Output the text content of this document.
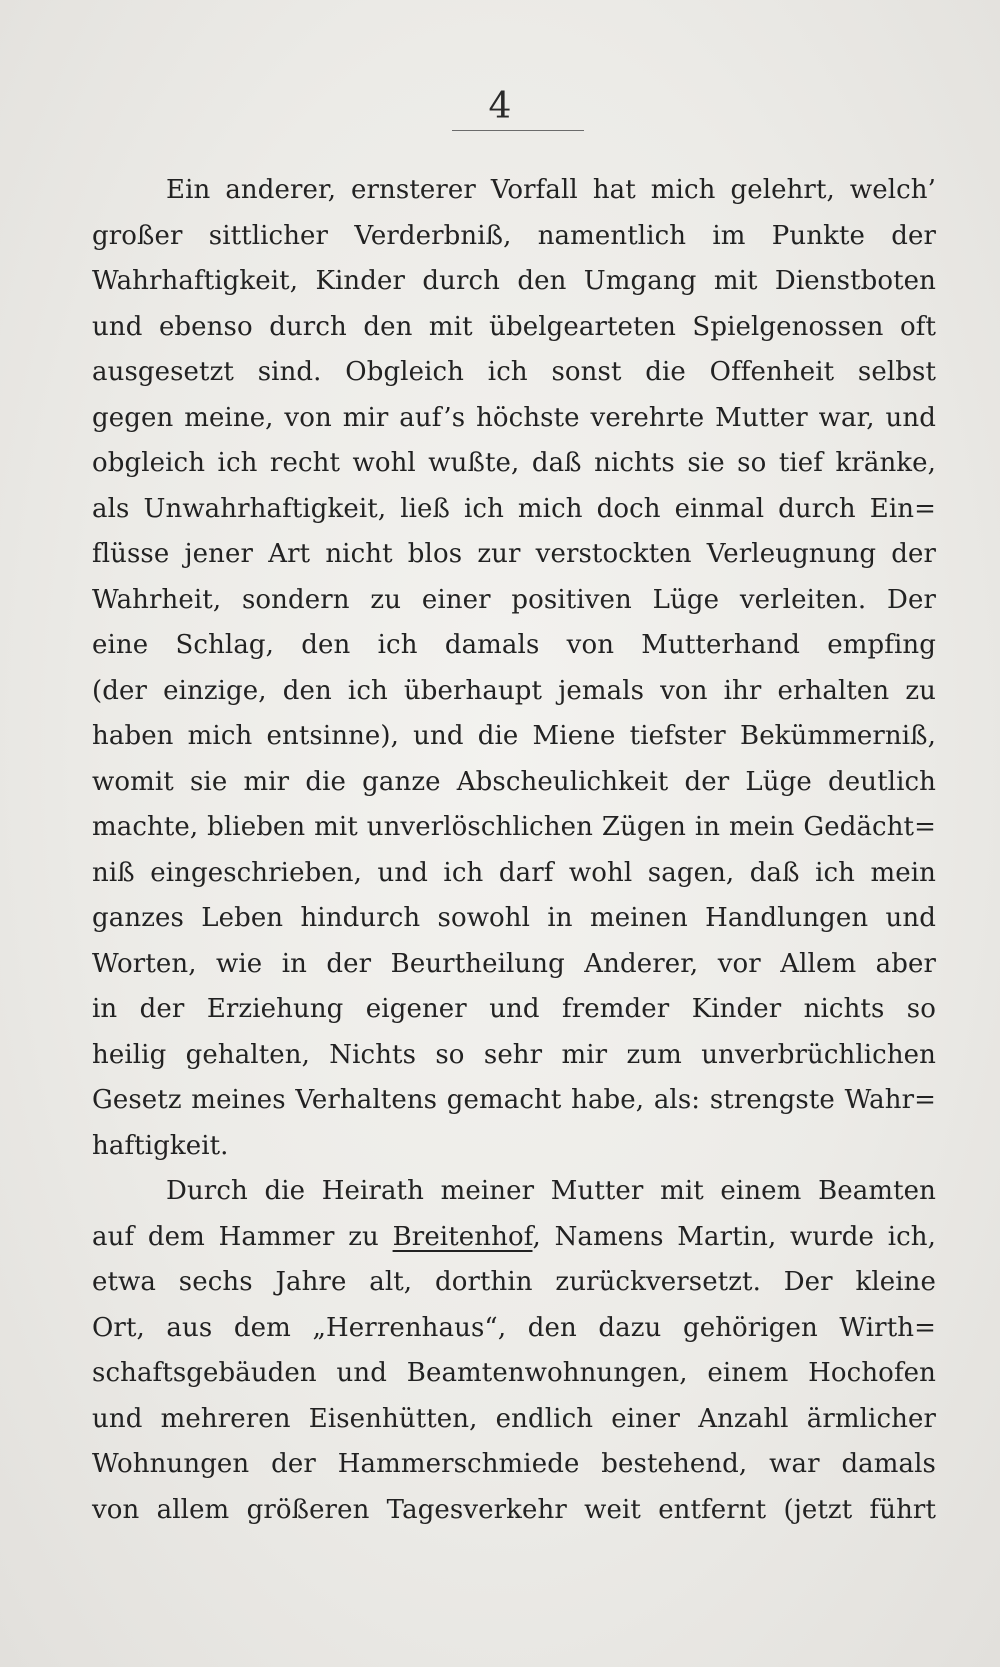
4
Ein anderer, ernsterer Vorfall hat mich gelehrt, welch’
großer sittlicher Verderbniß, namentlich im Punkte der
Wahrhaftigkeit, Kinder durch den Umgang mit Dienstboten
und ebenso durch den mit übelgearteten Spielgenossen oft
ausgesetzt sind. Obgleich ich sonst die Offenheit selbst
gegen meine, von mir auf’s höchste verehrte Mutter war, und
obgleich ich recht wohl wußte, daß nichts sie so tief kränke,
als Unwahrhaftigkeit, ließ ich mich doch einmal durch Ein=
flüsse jener Art nicht blos zur verstockten Verleugnung der
Wahrheit, sondern zu einer positiven Lüge verleiten. Der
eine Schlag, den ich damals von Mutterhand empfing
(der einzige, den ich überhaupt jemals von ihr erhalten zu
haben mich entsinne), und die Miene tiefster Bekümmerniß,
womit sie mir die ganze Abscheulichkeit der Lüge deutlich
machte, blieben mit unverlöschlichen Zügen in mein Gedächt=
niß eingeschrieben, und ich darf wohl sagen, daß ich mein
ganzes Leben hindurch sowohl in meinen Handlungen und
Worten, wie in der Beurtheilung Anderer, vor Allem aber
in der Erziehung eigener und fremder Kinder nichts so
heilig gehalten, Nichts so sehr mir zum unverbrüchlichen
Gesetz meines Verhaltens gemacht habe, als: strengste Wahr=
haftigkeit.
Durch die Heirath meiner Mutter mit einem Beamten
auf dem Hammer zu Breitenhof, Namens Martin, wurde ich,
etwa sechs Jahre alt, dorthin zurückversetzt. Der kleine
Ort, aus dem „Herrenhaus“, den dazu gehörigen Wirth=
schaftsgebäuden und Beamtenwohnungen, einem Hochofen
und mehreren Eisenhütten, endlich einer Anzahl ärmlicher
Wohnungen der Hammerschmiede bestehend, war damals
von allem größeren Tagesverkehr weit entfernt (jetzt führt
